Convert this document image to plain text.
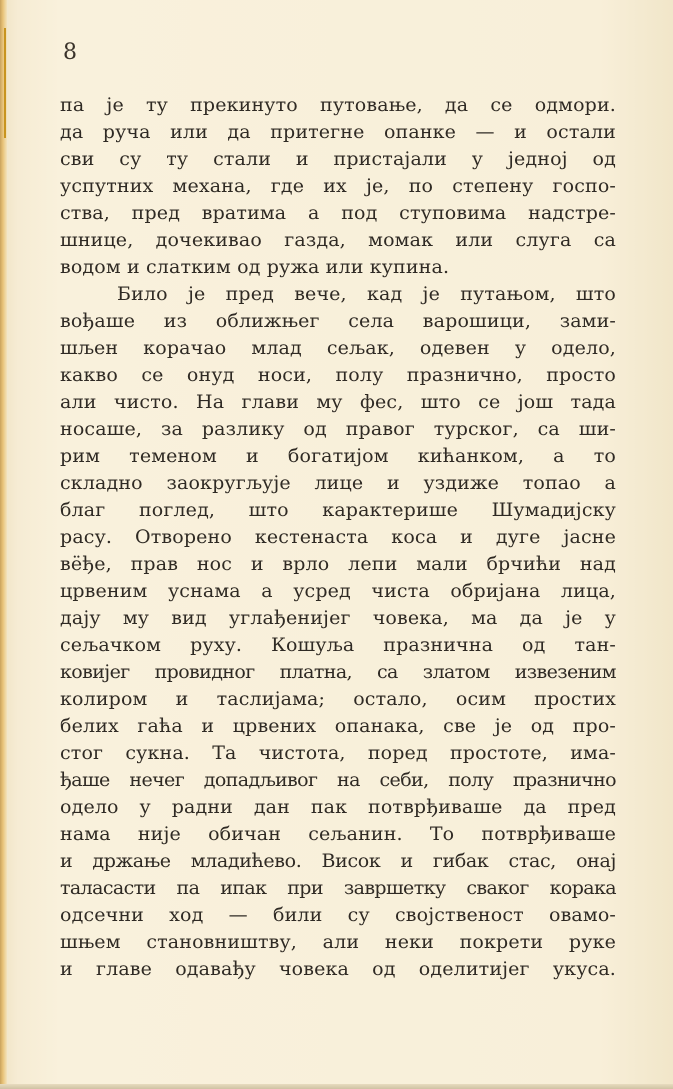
8
па је ту прекинуто путовање, да се одмори.
да руча или да притегне опанке — и остали
сви су ту стали и пристајали у једној од
успутних механа, где их је, по степену госпо-
ства, пред вратима а под ступовима надстре-
шнице, дочекивао газда, момак или слуга са
водом и слатким од ружа или купина.
Било је пред вече, кад је путањом, што
вођаше из оближњег села варошици, зами-
шљен корачао млад сељак, одевен у одело,
какво се онуд носи, полу празнично, просто
али чисто. На глави му фес, што се још тада
носаше, за разлику од правог турског, са ши-
рим теменом и богатијом кићанком, а то
складно заокругљује лице и уздиже топао а
благ поглед, што карактерише Шумадијску
расу. Отворено кестенаста коса и дуге јасне
вёђе, прав нос и врло лепи мали брчићи над
црвеним уснама а усред чиста обријана лица,
дају му вид углађенијег човека, ма да је у
сељачком руху. Кошуља празнична од тан-
ковијег провидног платна, са златом извезеним
колиром и таслијама; остало, осим простих
белих гаћа и црвених опанака, све је од про-
стог сукна. Та чистота, поред простоте, има-
ђаше нечег допадљивог на себи, полу празнично
одело у радни дан пак потврђиваше да пред
нама није обичан сељанин. То потврђиваше
и држање младићево. Висок и гибак стас, онај
таласасти па ипак при завршетку сваког корака
одсечни ход — били су својственост овамо-
шњем становништву, али неки покрети руке
и главе одавађу човека од оделитијег укуса.
